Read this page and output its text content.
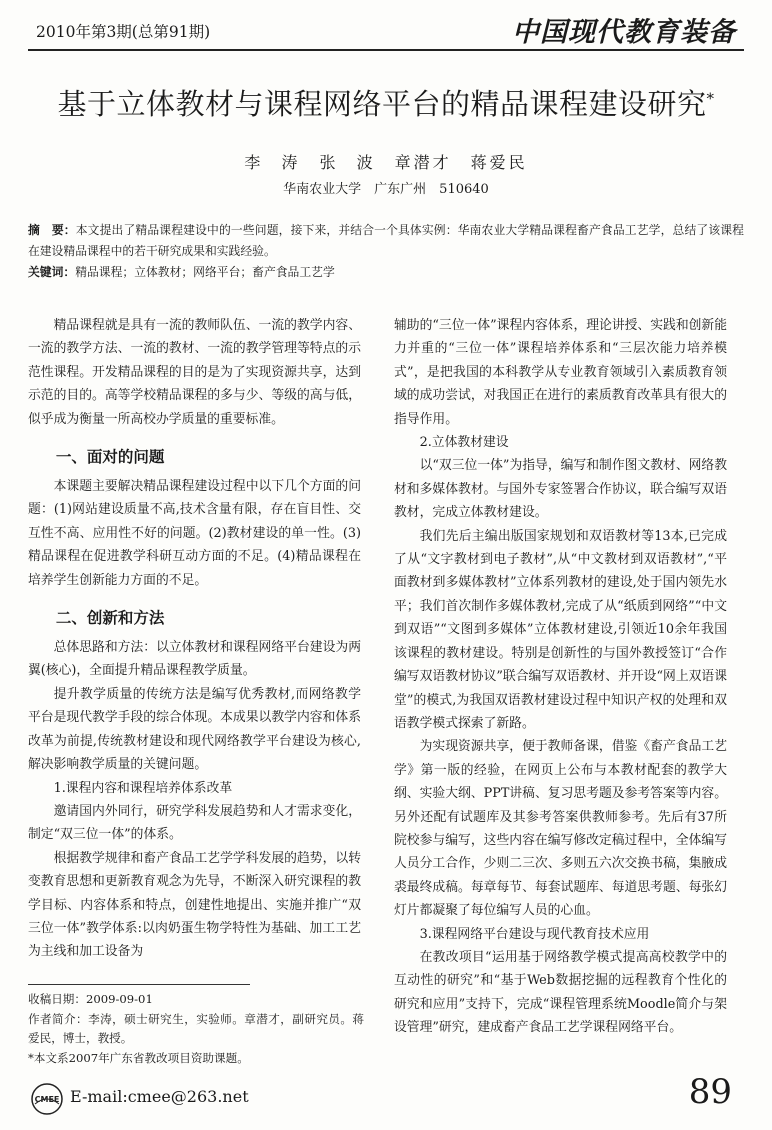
2010年第3期(总第91期)	中国现代教育装备
基于立体教材与课程网络平台的精品课程建设研究*
李 涛　张 波　章潜才　蒋爱民
华南农业大学　广东广州　510640
摘　要：本文提出了精品课程建设中的一些问题，接下来，并结合一个具体实例：华南农业大学精品课程畜产食品工艺学，总结了该课程在建设精品课程中的若干研究成果和实践经验。
关键词：精品课程；立体教材；网络平台；畜产食品工艺学

精品课程就是具有一流的教师队伍、一流的教学内容、一流的教学方法、一流的教材、一流的教学管理等特点的示范性课程。开发精品课程的目的是为了实现资源共享，达到示范的目的。高等学校精品课程的多与少、等级的高与低，似乎成为衡量一所高校办学质量的重要标准。

一、面对的问题

本课题主要解决精品课程建设过程中以下几个方面的问题：(1)网站建设质量不高,技术含量有限，存在盲目性、交互性不高、应用性不好的问题。(2)教材建设的单一性。(3)精品课程在促进教学科研互动方面的不足。(4)精品课程在培养学生创新能力方面的不足。

二、创新和方法

总体思路和方法：以立体教材和课程网络平台建设为两翼(核心)，全面提升精品课程教学质量。

提升教学质量的传统方法是编写优秀教材,而网络教学平台是现代教学手段的综合体现。本成果以教学内容和体系改革为前提,传统教材建设和现代网络教学平台建设为核心,解决影响教学质量的关键问题。

1.课程内容和课程培养体系改革

邀请国内外同行，研究学科发展趋势和人才需求变化，制定“双三位一体”的体系。

根据教学规律和畜产食品工艺学学科发展的趋势，以转变教育思想和更新教育观念为先导，不断深入研究课程的教学目标、内容体系和特点，创建性地提出、实施并推广“双三位一体”教学体系:以肉奶蛋生物学特性为基础、加工工艺为主线和加工设备为

收稿日期：2009-09-01
作者简介：李涛，硕士研究生，实验师。章潜才，副研究员。蒋爱民，博士，教授。
*本文系2007年广东省教改项目资助课题。

辅助的“三位一体”课程内容体系，理论讲授、实践和创新能力并重的“三位一体”课程培养体系和“三层次能力培养模式”，是把我国的本科教学从专业教育领域引入素质教育领域的成功尝试，对我国正在进行的素质教育改革具有很大的指导作用。

2.立体教材建设

以“双三位一体”为指导，编写和制作图文教材、网络教材和多媒体教材。与国外专家签署合作协议，联合编写双语教材，完成立体教材建设。

我们先后主编出版国家规划和双语教材等13本,已完成了从“文字教材到电子教材”,从“中文教材到双语教材”,“平面教材到多媒体教材”立体系列教材的建设,处于国内领先水平；我们首次制作多媒体教材,完成了从“纸质到网络”“中文到双语”“文图到多媒体”立体教材建设,引领近10余年我国该课程的教材建设。特别是创新性的与国外教授签订“合作编写双语教材协议”联合编写双语教材、并开设“网上双语课堂”的模式,为我国双语教材建设过程中知识产权的处理和双语教学模式探索了新路。

为实现资源共享，便于教师备课，借鉴《畜产食品工艺学》第一版的经验，在网页上公布与本教材配套的教学大纲、实验大纲、PPT讲稿、复习思考题及参考答案等内容。另外还配有试题库及其参考答案供教师参考。先后有37所院校参与编写，这些内容在编写修改定稿过程中，全体编写人员分工合作，少则二三次、多则五六次交换书稿，集腋成裘最终成稿。每章每节、每套试题库、每道思考题、每张幻灯片都凝聚了每位编写人员的心血。

3.课程网络平台建设与现代教育技术应用

在教改项目“运用基于网络教学模式提高高校教学中的互动性的研究”和“基于Web数据挖掘的远程教育个性化的研究和应用”支持下，完成“课程管理系统Moodle简介与架设管理”研究，建成畜产食品工艺学课程网络平台。

CMEE E-mail:cmee@263.net	89
